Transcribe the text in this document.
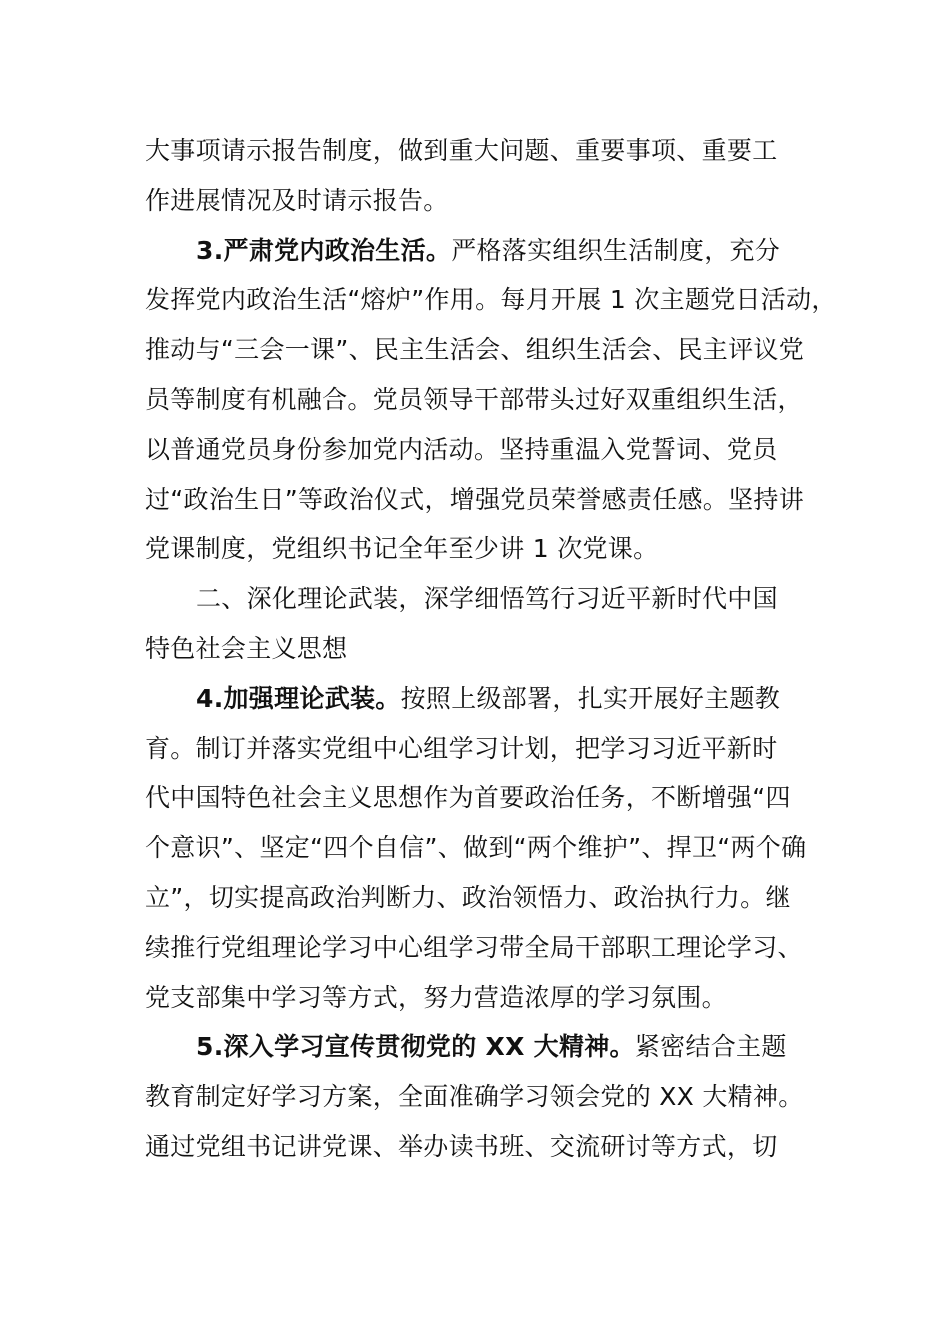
大事项请示报告制度，做到重大问题、重要事项、重要工
作进展情况及时请示报告。
3.严肃党内政治生活。严格落实组织生活制度，充分
发挥党内政治生活“熔炉”作用。每月开展 1 次主题党日活动，
推动与“三会一课”、民主生活会、组织生活会、民主评议党
员等制度有机融合。党员领导干部带头过好双重组织生活，
以普通党员身份参加党内活动。坚持重温入党誓词、党员
过“政治生日”等政治仪式，增强党员荣誉感责任感。坚持讲
党课制度，党组织书记全年至少讲 1 次党课。
二、深化理论武装，深学细悟笃行习近平新时代中国
特色社会主义思想
4.加强理论武装。按照上级部署，扎实开展好主题教
育。制订并落实党组中心组学习计划，把学习习近平新时
代中国特色社会主义思想作为首要政治任务，不断增强“四
个意识”、坚定“四个自信”、做到“两个维护”、捍卫“两个确
立”，切实提高政治判断力、政治领悟力、政治执行力。继
续推行党组理论学习中心组学习带全局干部职工理论学习、
党支部集中学习等方式，努力营造浓厚的学习氛围。
5.深入学习宣传贯彻党的 XX 大精神。紧密结合主题
教育制定好学习方案，全面准确学习领会党的 XX 大精神。
通过党组书记讲党课、举办读书班、交流研讨等方式，切
